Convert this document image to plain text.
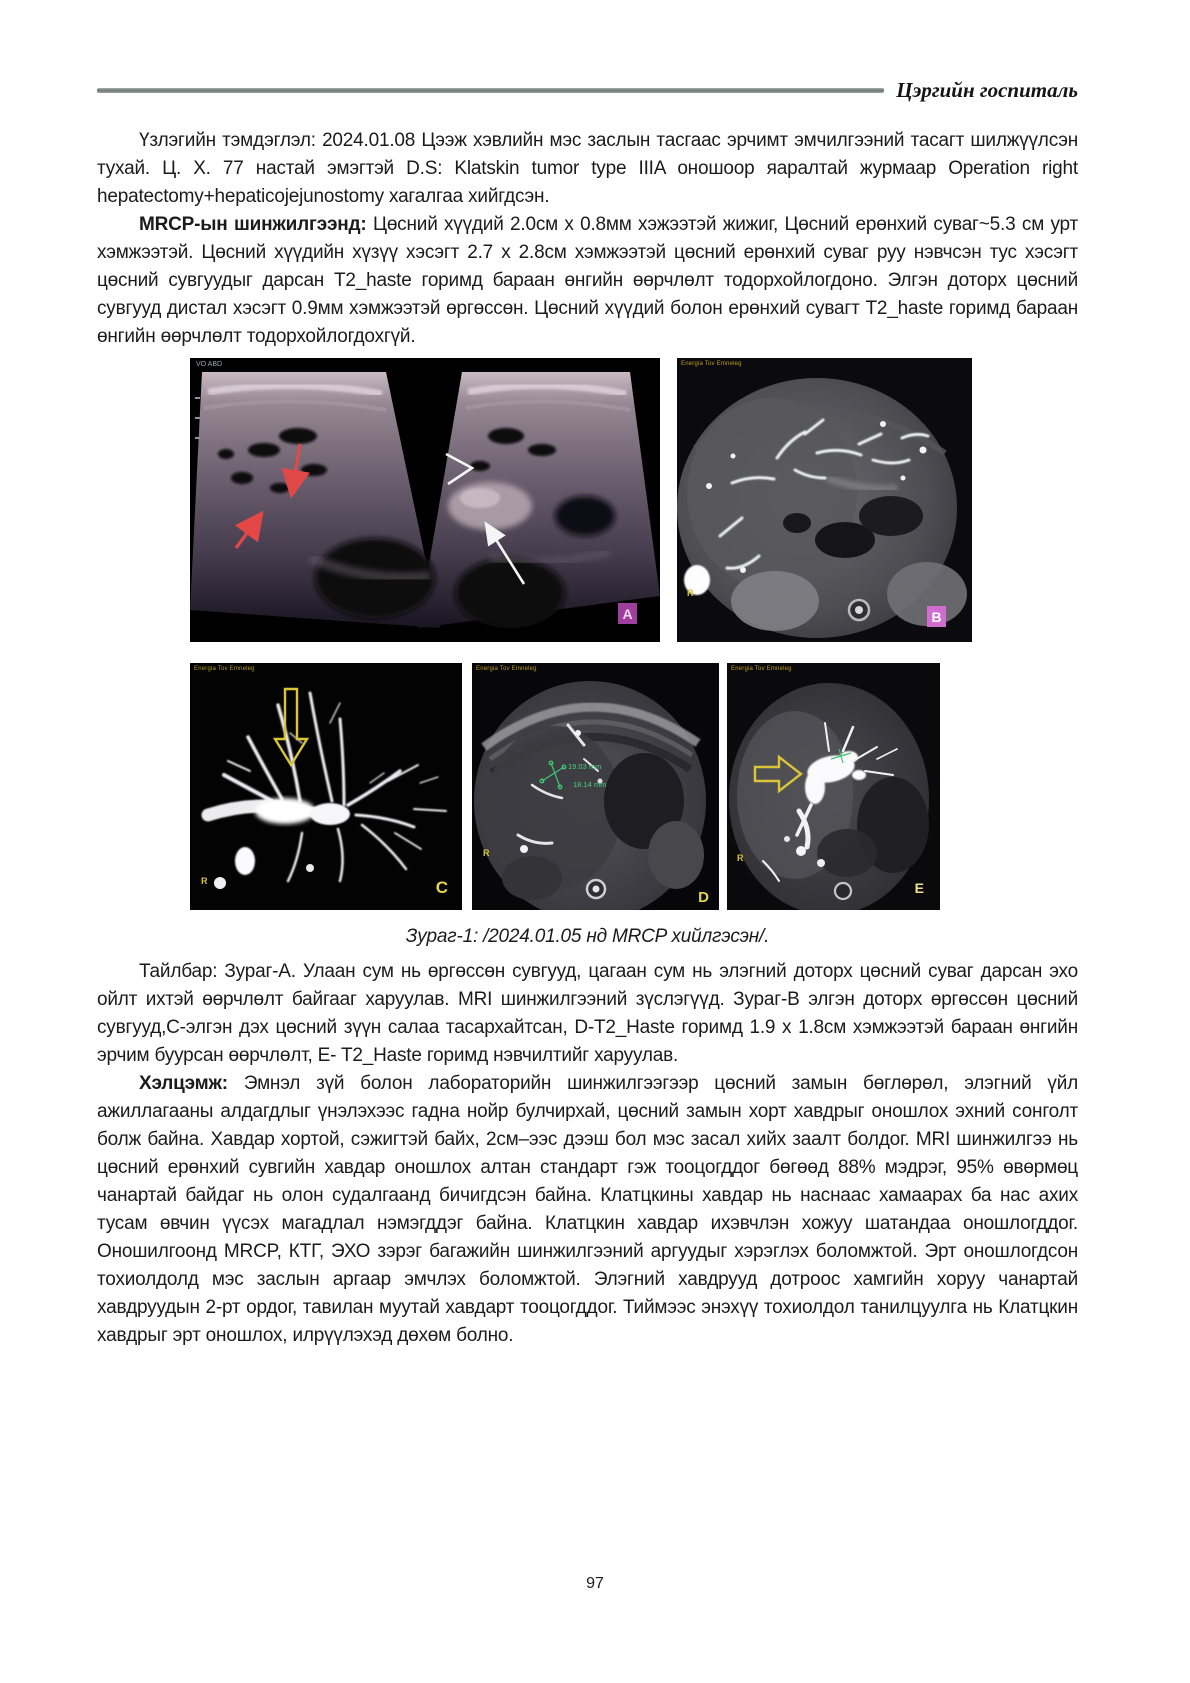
Цэргийн госпиталь

Үзлэгийн тэмдэглэл: 2024.01.08 Цээж хэвлийн мэс заслын тасгаас эрчимт эмчилгээний тасагт шилжүүлсэн тухай. Ц. Х. 77 настай эмэгтэй D.S: Klatskin tumor type IIIA оношоор яаралтай журмаар Operation right hepatectomy+hepaticojejunostomy хагалгаа хийгдсэн.

MRCP-ын шинжилгээнд: Цөсний хүүдий 2.0см x 0.8мм хэжээтэй жижиг, Цөсний ерөнхий суваг~5.3 см урт хэмжээтэй. Цөсний хүүдийн хүзүү хэсэгт 2.7 x 2.8см хэмжээтэй цөсний ерөнхий суваг руу нэвчсэн тус хэсэгт цөсний сувгуудыг дарсан T2_haste горимд бараан өнгийн өөрчлөлт тодорхойлогдоно. Элгэн доторх цөсний сувгууд дистал хэсэгт 0.9мм хэмжээтэй өргөссөн. Цөсний хүүдий болон ерөнхий сувагт T2_haste горимд бараан өнгийн өөрчлөлт тодорхойлогдохгүй.

VO ABD
A
Energia Tov Emneleg
R
B
Energia Tov Emneleg
R	C
19.03 mm
18.14 mm
Energia Tov Emneleg
R
D
Energia Tov Emneleg
R
E
Зураг-1: /2024.01.05 нд MRCP хийлгэсэн/.

Тайлбар: Зураг-А. Улаан сум нь өргөссөн сувгууд, цагаан сум нь элэгний доторх цөсний суваг дарсан эхо ойлт ихтэй өөрчлөлт байгааг харуулав. MRI шинжилгээний зүслэгүүд. Зураг-В элгэн доторх өргөссөн цөсний сувгууд,С-элгэн дэх цөсний зүүн салаа тасархайтсан, D-T2_Haste горимд 1.9 x 1.8см хэмжээтэй бараан өнгийн эрчим буурсан өөрчлөлт, E- T2_Haste горимд нэвчилтийг харуулав.

Хэлцэмж: Эмнэл зүй болон лабораторийн шинжилгээгээр цөсний замын бөглөрөл, элэгний үйл ажиллагааны алдагдлыг үнэлэхээс гадна нойр булчирхай, цөсний замын хорт хавдрыг оношлох эхний сонголт болж байна. Хавдар хортой, сэжигтэй байх, 2см–ээс дээш бол мэс засал хийх заалт болдог. MRI шинжилгээ нь цөсний ерөнхий сувгийн хавдар оношлох алтан стандарт гэж тооцогддог бөгөөд 88% мэдрэг, 95% өвөрмөц чанартай байдаг нь олон судалгаанд бичигдсэн байна. Клатцкины хавдар нь наснаас хамаарах ба нас ахих тусам өвчин үүсэх магадлал нэмэгддэг байна. Клатцкин хавдар ихэвчлэн хожуу шатандаа оношлогддог. Оношилгоонд MRCP, КТГ, ЭХО зэрэг багажийн шинжилгээний аргуудыг хэрэглэх боломжтой. Эрт оношлогдсон тохиолдолд мэс заслын аргаар эмчлэх боломжтой. Элэгний хавдрууд дотроос хамгийн хоруу чанартай хавдруудын 2-рт ордог, тавилан муутай хавдарт тооцогддог. Тиймээс энэхүү тохиолдол танилцуулга нь Клатцкин хавдрыг эрт оношлох, илрүүлэхэд дөхөм болно.

97
